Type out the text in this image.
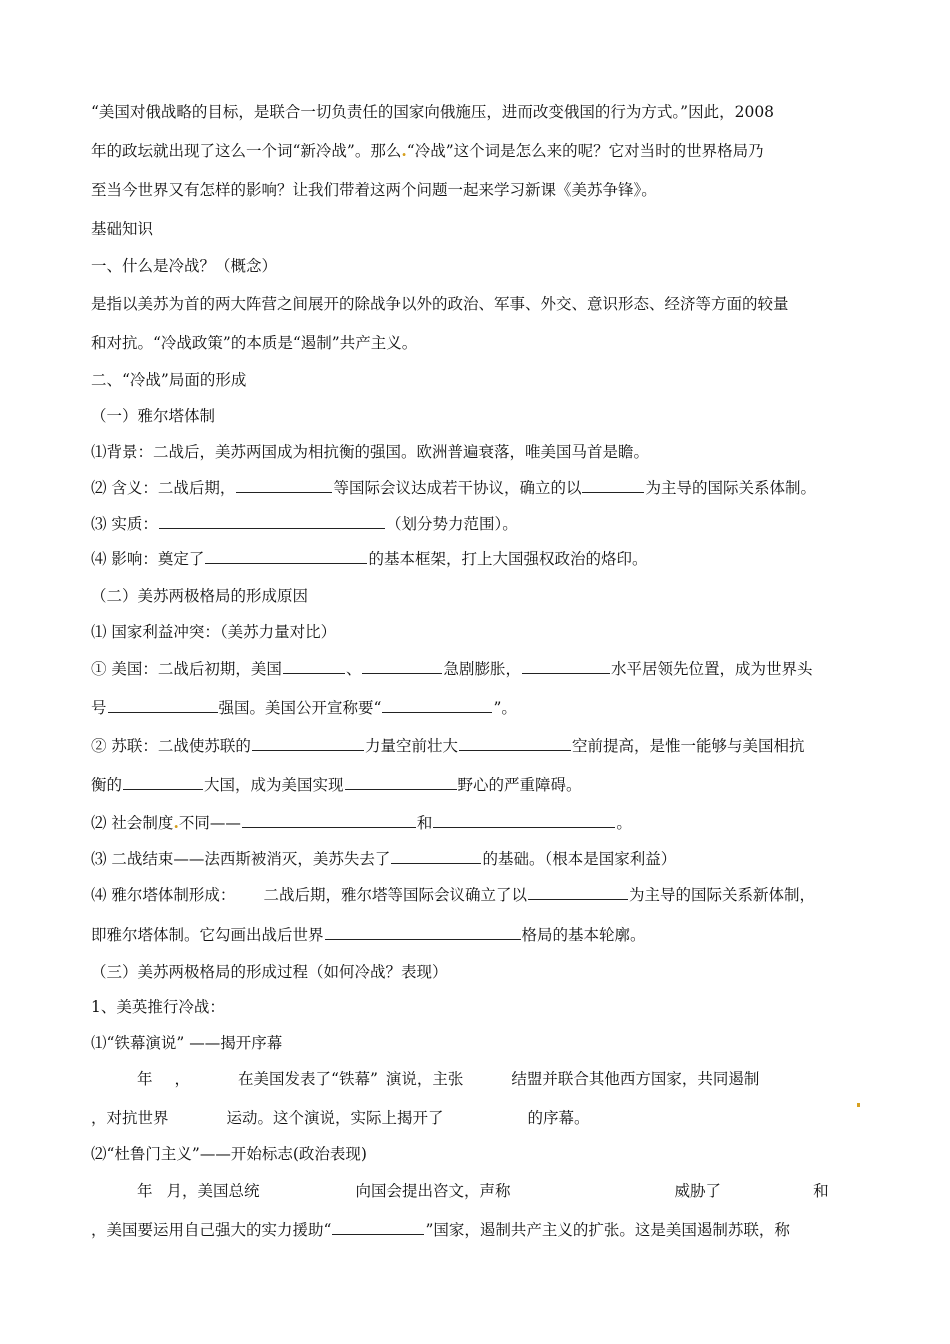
“美国对俄战略的目标，是联合一切负责任的国家向俄施压，进而改变俄国的行为方式。”因此，2008
年的政坛就出现了这么一个词“新冷战”。那么.“冷战”这个词是怎么来的呢？它对当时的世界格局乃
至当今世界又有怎样的影响？让我们带着这两个问题一起来学习新课《美苏争锋》。
基础知识
一、什么是冷战？（概念）
是指以美苏为首的两大阵营之间展开的除战争以外的政治、军事、外交、意识形态、经济等方面的较量
和对抗。“冷战政策”的本质是“遏制”共产主义。
二、“冷战”局面的形成
（一）雅尔塔体制
⑴背景：二战后，美苏两国成为相抗衡的强国。欧洲普遍衰落，唯美国马首是瞻。
⑵ 含义：二战后期，	等国际会议达成若干协议，确立的以	为主导的国际关系体制。
⑶ 实质：	（划分势力范围）。
⑷ 影响：奠定了	的基本框架，打上大国强权政治的烙印。
（二）美苏两极格局的形成原因
⑴ 国家利益冲突：（美苏力量对比）
① 美国：二战后初期，美国	、	急剧膨胀，	水平居领先位置，成为世界头
号	强国。美国公开宣称要“	”。
② 苏联：二战使苏联的	力量空前壮大	空前提高，是惟一能够与美国相抗
衡的	大国，成为美国实现	野心的严重障碍。
⑵ 社会制度.不同——	和	。
⑶ 二战结束——法西斯被消灭，美苏失去了	的基础。（根本是国家利益）
⑷ 雅尔塔体制形成： 二战后期，雅尔塔等国际会议确立了以	为主导的国际关系新体制，
即雅尔塔体制。它勾画出战后世界	格局的基本轮廓。
（三）美苏两极格局的形成过程（如何冷战？表现）
1、美英推行冷战：
⑴“铁幕演说” ——揭开序幕
年 ，	在美国发表了“铁幕” 演说，主张	结盟并联合其他西方国家，共同遏制
，对抗世界	运动。这个演说，实际上揭开了	的序幕。
⑵“杜鲁门主义”——开始标志(政治表现)
年 月，美国总统	向国会提出咨文，声称	威胁了	和
，美国要运用自己强大的实力援助“	”国家，遏制共产主义的扩张。这是美国遏制苏联，称
